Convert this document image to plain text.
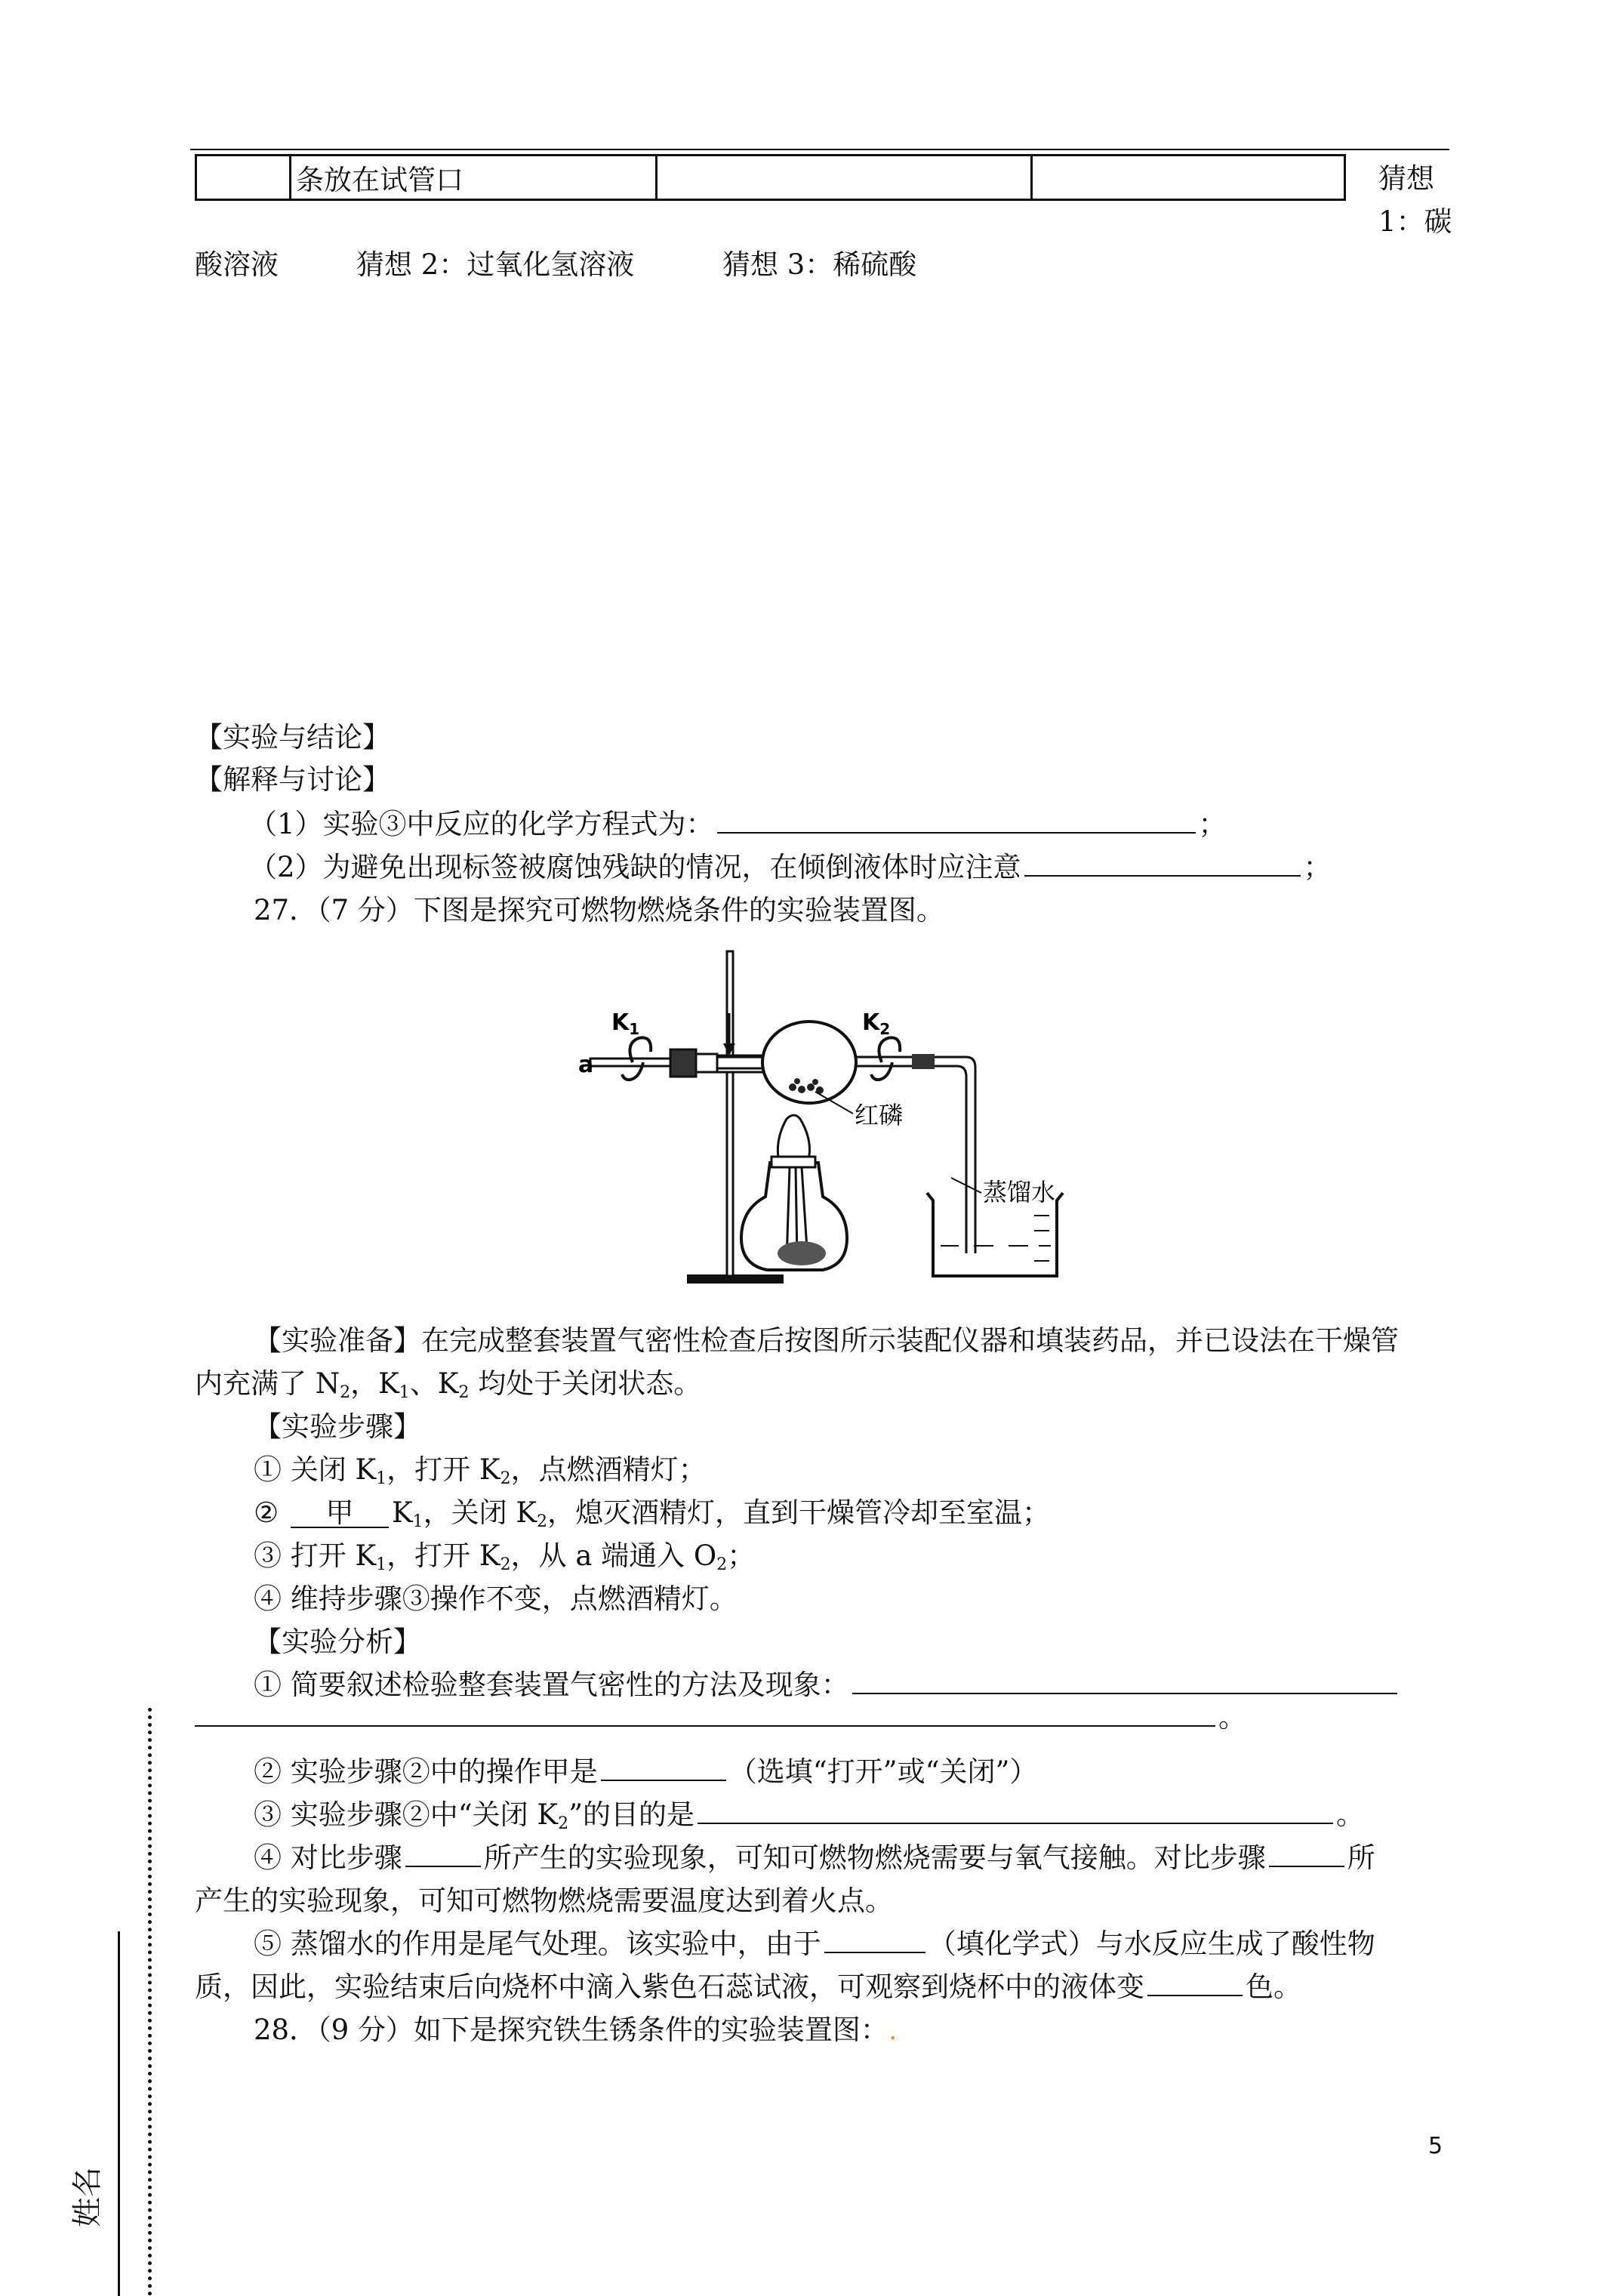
	条放在试管口			猜想
1：碳
酸溶液	猜想 2：过氧化氢溶液	猜想 3：稀硫酸
【实验与结论】
【解释与讨论】
（1）实验③中反应的化学方程式为：	；
（2）为避免出现标签被腐蚀残缺的情况，在倾倒液体时应注意	；
27．（7 分）下图是探究可燃物燃烧条件的实验装置图。
$K_1$	$K_2$
a
红磷
蒸馏水
【实验准备】在完成整套装置气密性检查后按图所示装配仪器和填装药品，并已设法在干燥管
内充满了 $N_2$，$K_1$、$K_2$ 均处于关闭状态。
【实验步骤】
① 关闭 $K_1$，打开 $K_2$，点燃酒精灯；
② 甲 $K_1$，关闭 $K_2$，熄灭酒精灯，直到干燥管冷却至室温；
③ 打开 $K_1$，打开 $K_2$，从 a 端通入 $O_2$；
④ 维持步骤③操作不变，点燃酒精灯。
【实验分析】
① 简要叙述检验整套装置气密性的方法及现象：
。
② 实验步骤②中的操作甲是	（选填“打开”或“关闭”）
③ 实验步骤②中“关闭 $K_2$”的目的是	。
④ 对比步骤	所产生的实验现象，可知可燃物燃烧需要与氧气接触。对比步骤	所
产生的实验现象，可知可燃物燃烧需要温度达到着火点。
⑤ 蒸馏水的作用是尾气处理。该实验中，由于	（填化学式）与水反应生成了酸性物
质，因此，实验结束后向烧杯中滴入紫色石蕊试液，可观察到烧杯中的液体变	色。
28．（9 分）如下是探究铁生锈条件的实验装置图：.
5
姓名
